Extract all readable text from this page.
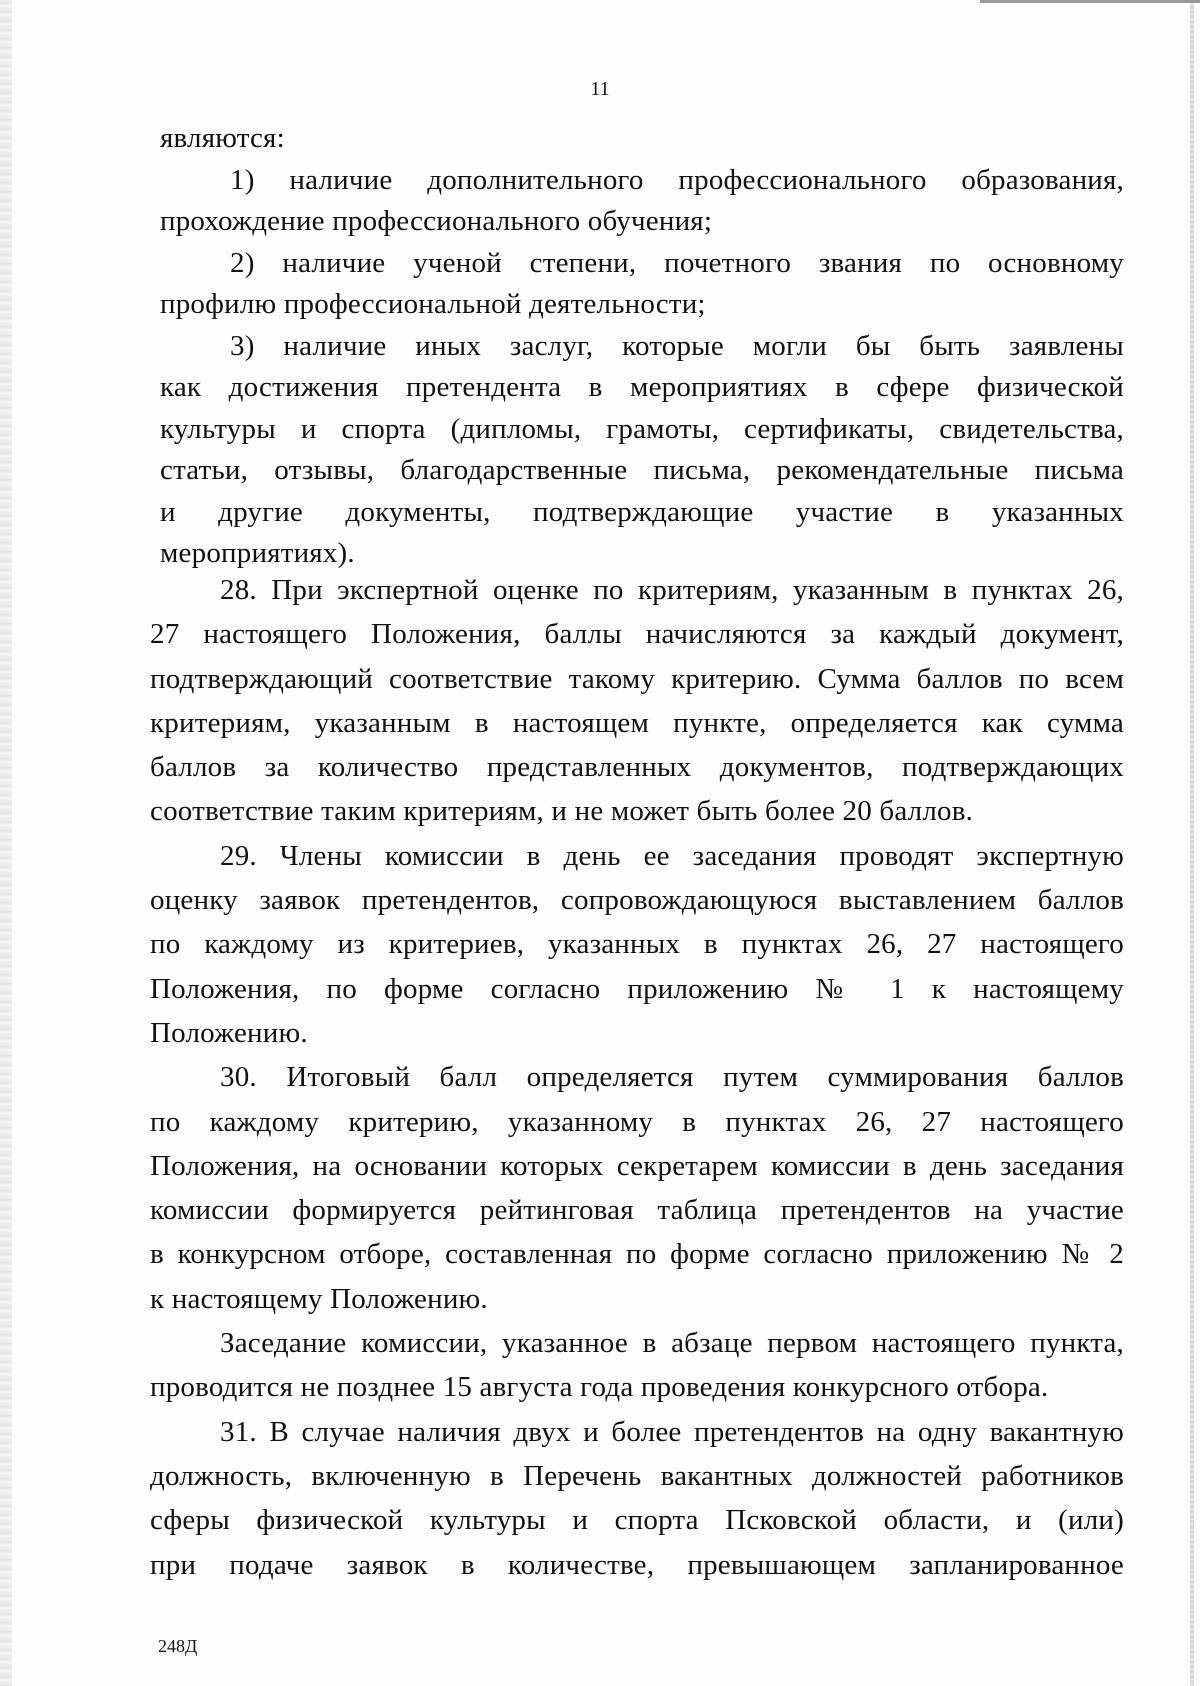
11
являются:
1) наличие дополнительного профессионального образования,
прохождение профессионального обучения;
2) наличие ученой степени, почетного звания по основному
профилю профессиональной деятельности;
3) наличие иных заслуг, которые могли бы быть заявлены
как достижения претендента в мероприятиях в сфере физической
культуры и спорта (дипломы, грамоты, сертификаты, свидетельства,
статьи, отзывы, благодарственные письма, рекомендательные письма
и другие документы, подтверждающие участие в указанных
мероприятиях).
28. При экспертной оценке по критериям, указанным в пунктах 26,
27 настоящего Положения, баллы начисляются за каждый документ,
подтверждающий соответствие такому критерию. Сумма баллов по всем
критериям, указанным в настоящем пункте, определяется как сумма
баллов за количество представленных документов, подтверждающих
соответствие таким критериям, и не может быть более 20 баллов.
29. Члены комиссии в день ее заседания проводят экспертную
оценку заявок претендентов, сопровождающуюся выставлением баллов
по каждому из критериев, указанных в пунктах 26, 27 настоящего
Положения, по форме согласно приложению № 1 к настоящему
Положению.
30. Итоговый балл определяется путем суммирования баллов
по каждому критерию, указанному в пунктах 26, 27 настоящего
Положения, на основании которых секретарем комиссии в день заседания
комиссии формируется рейтинговая таблица претендентов на участие
в конкурсном отборе, составленная по форме согласно приложению № 2
к настоящему Положению.
Заседание комиссии, указанное в абзаце первом настоящего пункта,
проводится не позднее 15 августа года проведения конкурсного отбора.
31. В случае наличия двух и более претендентов на одну вакантную
должность, включенную в Перечень вакантных должностей работников
сферы физической культуры и спорта Псковской области, и (или)
при подаче заявок в количестве, превышающем запланированное
248Д
